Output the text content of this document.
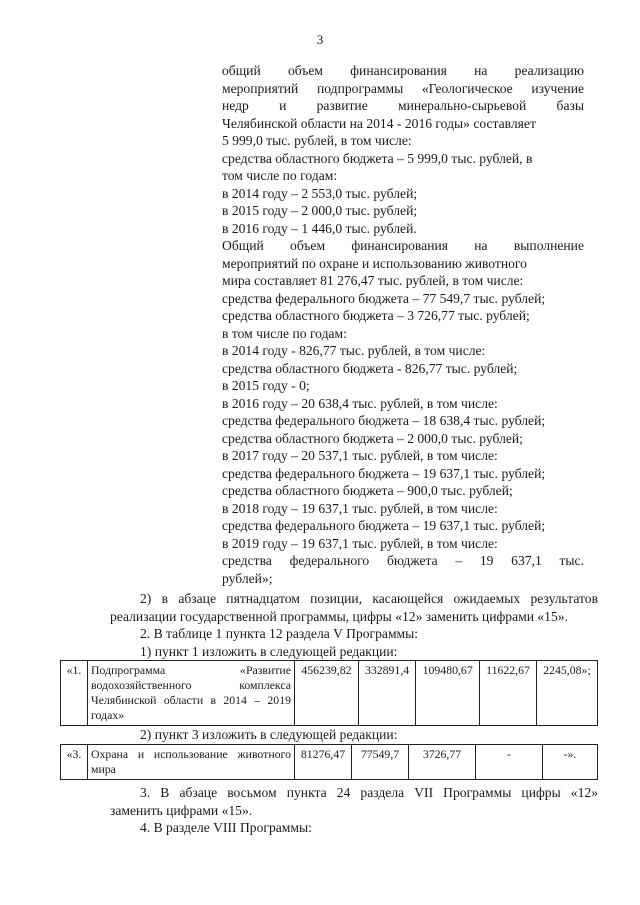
3
общий объем финансирования на реализацию
мероприятий подпрограммы «Геологическое изучение
недр и развитие минерально-сырьевой базы
Челябинской области на 2014 - 2016 годы» составляет
5 999,0 тыс. рублей, в том числе:
средства областного бюджета – 5 999,0 тыс. рублей, в
том числе по годам:
в 2014 году – 2 553,0 тыс. рублей;
в 2015 году – 2 000,0 тыс. рублей;
в 2016 году – 1 446,0 тыс. рублей.
Общий объем финансирования на выполнение
мероприятий по охране и использованию животного
мира составляет 81 276,47 тыс. рублей, в том числе:
средства федерального бюджета – 77 549,7 тыс. рублей;
средства областного бюджета – 3 726,77 тыс. рублей;
в том числе по годам:
в 2014 году - 826,77 тыс. рублей, в том числе:
средства областного бюджета - 826,77 тыс. рублей;
в 2015 году - 0;
в 2016 году – 20 638,4 тыс. рублей, в том числе:
средства федерального бюджета – 18 638,4 тыс. рублей;
средства областного бюджета – 2 000,0 тыс. рублей;
в 2017 году – 20 537,1 тыс. рублей, в том числе:
средства федерального бюджета – 19 637,1 тыс. рублей;
средства областного бюджета – 900,0 тыс. рублей;
в 2018 году – 19 637,1 тыс. рублей, в том числе:
средства федерального бюджета – 19 637,1 тыс. рублей;
в 2019 году – 19 637,1 тыс. рублей, в том числе:
средства федерального бюджета – 19 637,1 тыс.
рублей»;
2) в абзаце пятнадцатом позиции, касающейся ожидаемых результатов
реализации государственной программы, цифры «12» заменить цифрами «15».
2. В таблице 1 пункта 12 раздела V Программы:
1) пункт 1 изложить в следующей редакции:
«1.	Подпрограмма «Развитие водохозяйственного комплекса Челябинской области в 2014 – 2019 годах»	456239,82	332891,4	109480,67	11622,67	2245,08»;
2) пункт 3 изложить в следующей редакции:
«3.	Охрана и использование животного мира	81276,47	77549,7	3726,77	-	-».
3. В абзаце восьмом пункта 24 раздела VII Программы цифры «12»
заменить цифрами «15».
4. В разделе VIII Программы:
